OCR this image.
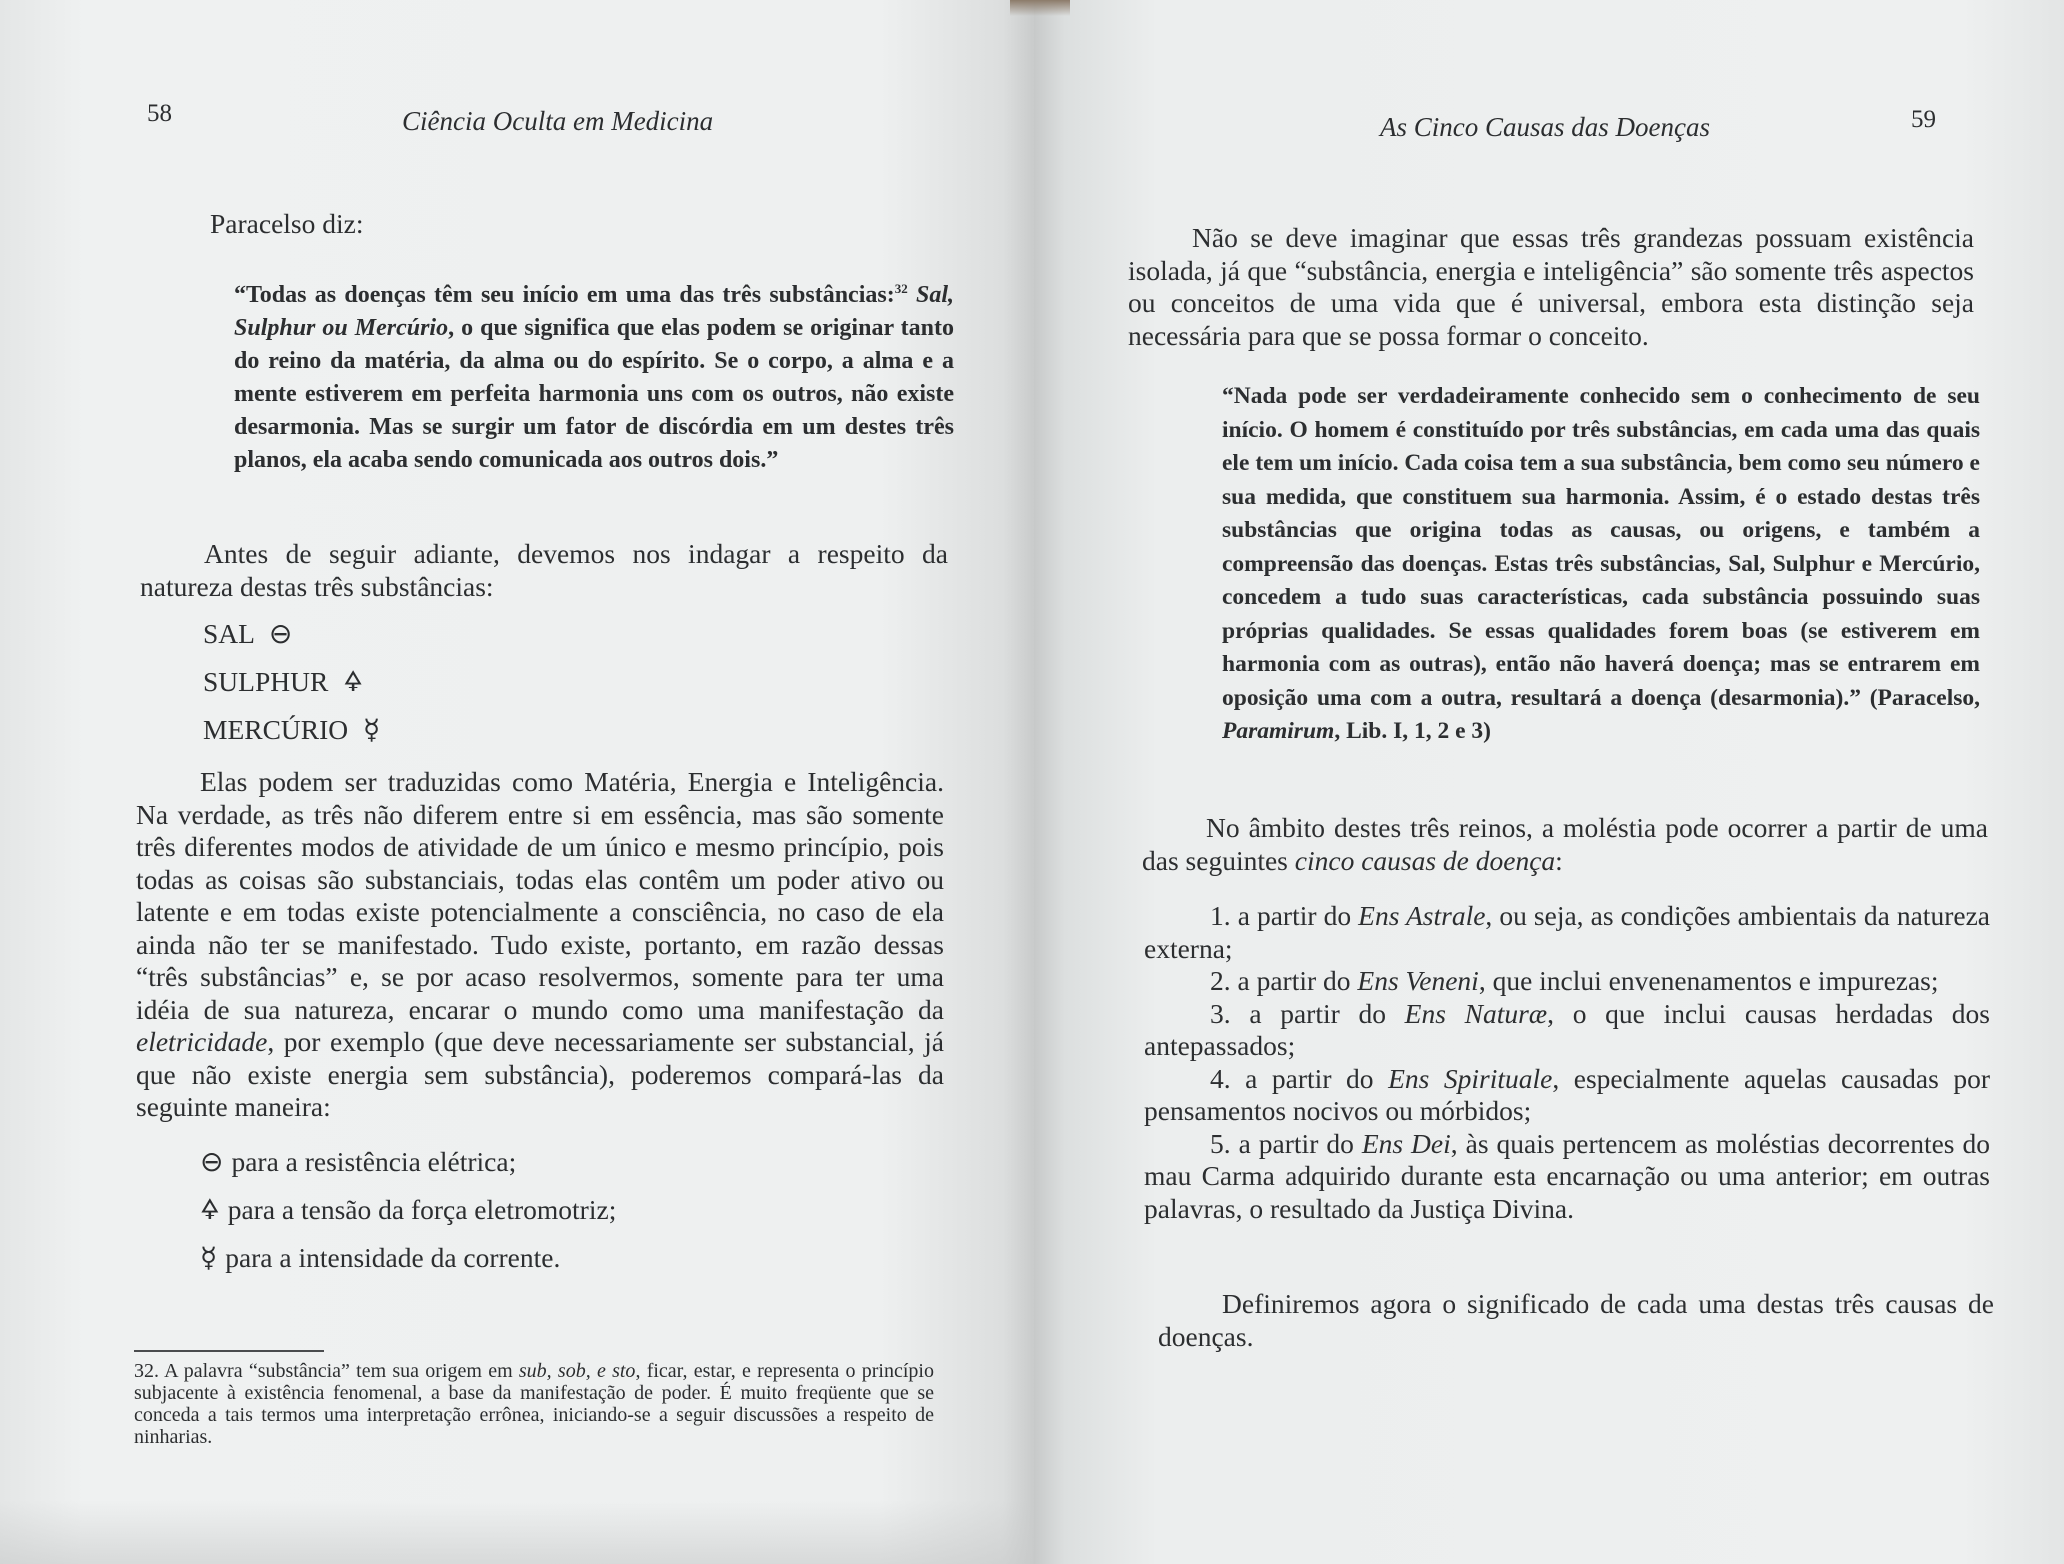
58	Ciência Oculta em Medicina
Paracelso diz:
“Todas as doenças têm seu início em uma das três substâncias:$^{32}$ Sal, Sulphur ou Mercúrio, o que significa que elas podem se originar tanto do reino da matéria, da alma ou do espírito. Se o corpo, a alma e a mente estiverem em perfeita harmonia uns com os outros, não existe desarmonia. Mas se surgir um fator de discórdia em um destes três planos, ela acaba sendo comunicada aos outros dois.”

Antes de seguir adiante, devemos nos indagar a respeito da natureza destas três substâncias:

SAL ⊖
SULPHUR 🜍
MERCÚRIO ☿

Elas podem ser traduzidas como Matéria, Energia e Inteligência. Na verdade, as três não diferem entre si em essência, mas são somente três diferentes modos de atividade de um único e mesmo princípio, pois todas as coisas são substanciais, todas elas contêm um poder ativo ou latente e em todas existe potencialmente a consciência, no caso de ela ainda não ter se manifestado. Tudo existe, portanto, em razão dessas “três substâncias” e, se por acaso resolvermos, somente para ter uma idéia de sua natureza, encarar o mundo como uma manifestação da eletricidade, por exemplo (que deve necessariamente ser substancial, já que não existe energia sem substância), poderemos compará-las da seguinte maneira:

⊖ para a resistência elétrica;
🜍 para a tensão da força eletromotriz;
☿ para a intensidade da corrente.
32. A palavra “substância” tem sua origem em sub, sob, e sto, ficar, estar, e representa o princípio subjacente à existência fenomenal, a base da manifestação de poder. É muito freqüente que se conceda a tais termos uma interpretação errônea, iniciando-se a seguir discussões a respeito de ninharias.
As Cinco Causas das Doenças	59

Não se deve imaginar que essas três grandezas possuam existência isolada, já que “substância, energia e inteligência” são somente três aspectos ou conceitos de uma vida que é universal, embora esta distinção seja necessária para que se possa formar o conceito.

“Nada pode ser verdadeiramente conhecido sem o conhecimento de seu início. O homem é constituído por três substâncias, em cada uma das quais ele tem um início. Cada coisa tem a sua substância, bem como seu número e sua medida, que constituem sua harmonia. Assim, é o estado destas três substâncias que origina todas as causas, ou origens, e também a compreensão das doenças. Estas três substâncias, Sal, Sulphur e Mercúrio, concedem a tudo suas características, cada substância possuindo suas próprias qualidades. Se essas qualidades forem boas (se estiverem em harmonia com as outras), então não haverá doença; mas se entrarem em oposição uma com a outra, resultará a doença (desarmonia).” (Paracelso, Paramirum, Lib. I, 1, 2 e 3)

No âmbito destes três reinos, a moléstia pode ocorrer a partir de uma das seguintes cinco causas de doença:

1. a partir do Ens Astrale, ou seja, as condições ambientais da natureza externa;

2. a partir do Ens Veneni, que inclui envenenamentos e impurezas;

3. a partir do Ens Naturæ, o que inclui causas herdadas dos antepassados;

4. a partir do Ens Spirituale, especialmente aquelas causadas por pensamentos nocivos ou mórbidos;

5. a partir do Ens Dei, às quais pertencem as moléstias decorrentes do mau Carma adquirido durante esta encarnação ou uma anterior; em outras palavras, o resultado da Justiça Divina.

Definiremos agora o significado de cada uma destas três causas de doenças.
